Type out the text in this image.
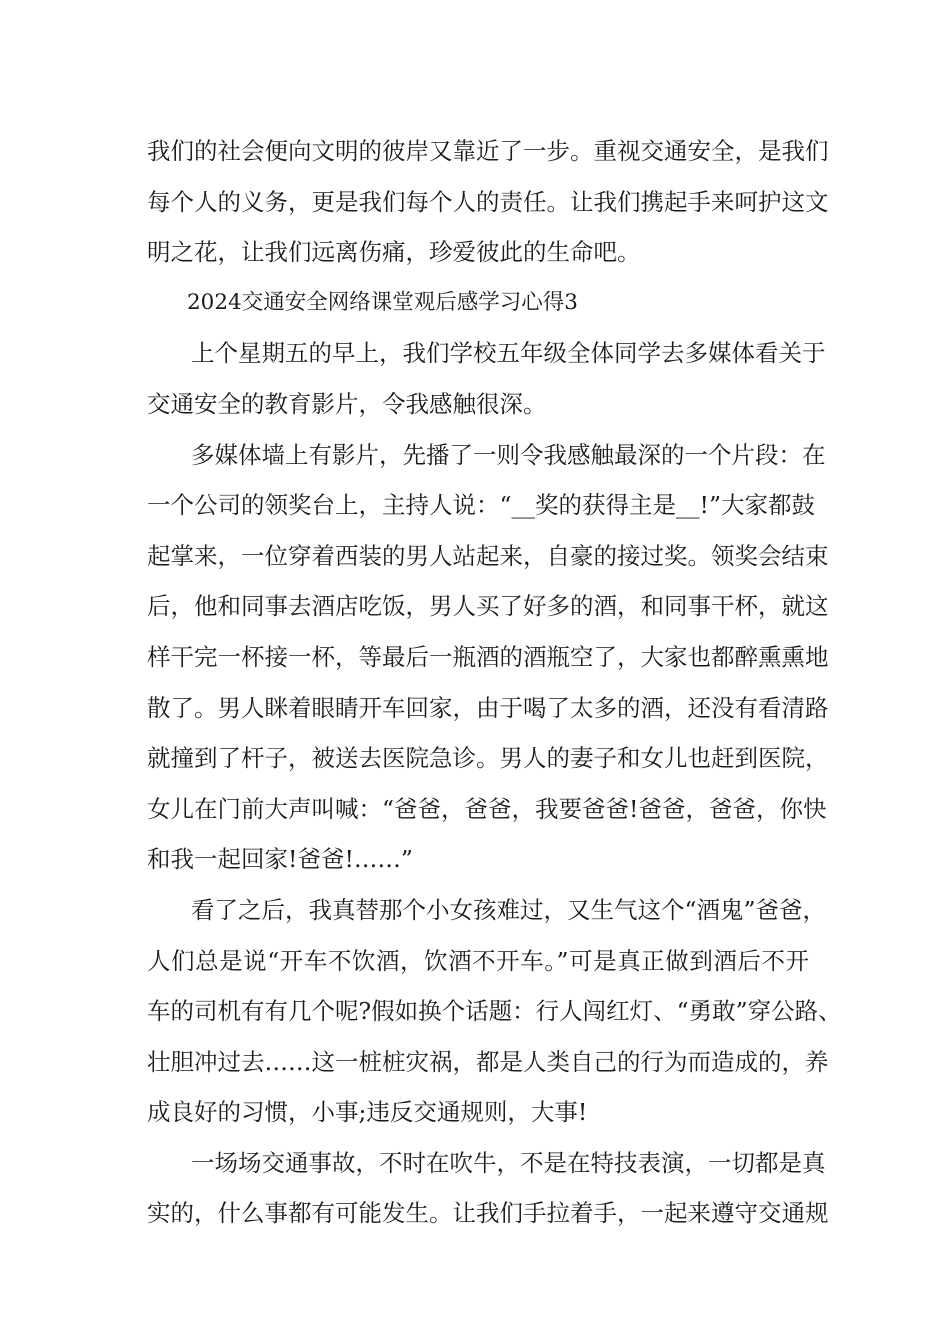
我们的社会便向文明的彼岸又靠近了一步。重视交通安全，是我们
每个人的义务，更是我们每个人的责任。让我们携起手来呵护这文
明之花，让我们远离伤痛，珍爱彼此的生命吧。
2024交通安全网络课堂观后感学习心得3
上个星期五的早上，我们学校五年级全体同学去多媒体看关于
交通安全的教育影片，令我感触很深。
多媒体墙上有影片，先播了一则令我感触最深的一个片段：在
一个公司的领奖台上，主持人说：“__奖的获得主是__!”大家都鼓
起掌来，一位穿着西装的男人站起来，自豪的接过奖。领奖会结束
后，他和同事去酒店吃饭，男人买了好多的酒，和同事干杯，就这
样干完一杯接一杯，等最后一瓶酒的酒瓶空了，大家也都醉熏熏地
散了。男人眯着眼睛开车回家，由于喝了太多的酒，还没有看清路
就撞到了杆子，被送去医院急诊。男人的妻子和女儿也赶到医院，
女儿在门前大声叫喊：“爸爸，爸爸，我要爸爸!爸爸，爸爸，你快
和我一起回家!爸爸!……”
看了之后，我真替那个小女孩难过，又生气这个“酒鬼”爸爸，
人们总是说“开车不饮酒，饮酒不开车。”可是真正做到酒后不开
车的司机有有几个呢?假如换个话题：行人闯红灯、“勇敢”穿公路、
壮胆冲过去……这一桩桩灾祸，都是人类自己的行为而造成的，养
成良好的习惯，小事;违反交通规则，大事!
一场场交通事故，不时在吹牛，不是在特技表演，一切都是真
实的，什么事都有可能发生。让我们手拉着手，一起来遵守交通规
